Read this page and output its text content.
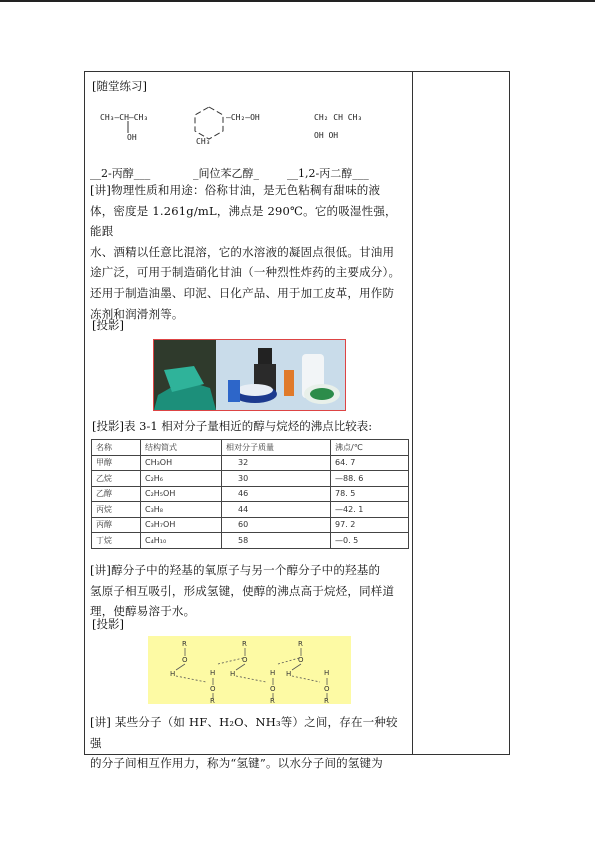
[随堂练习]
CH₃—CH—CH₃
OH
—CH₂—OH
CH₃
CH₂ CH CH₃
OH OH
__2-丙醇___	_间位苯乙醇_	__1,2-丙二醇___
[讲]物理性质和用途：俗称甘油，是无色粘稠有甜味的液
体，密度是 1.261g/mL，沸点是 290℃。它的吸湿性强，能跟
水、酒精以任意比混溶，它的水溶液的凝固点很低。甘油用
途广泛，可用于制造硝化甘油（一种烈性炸药的主要成分）。
还用于制造油墨、印泥、日化产品、用于加工皮革，用作防
冻剂和润滑剂等。
[投影]
[投影]表 3-1 相对分子量相近的醇与烷烃的沸点比较表:
名称	结构简式	相对分子质量	沸点/℃
甲醇	CH₃OH	32	64. 7
乙烷	C₂H₆	30	—88. 6
乙醇	C₂H₅OH	46	78. 5
丙烷	C₃H₈	44	—42. 1
丙醇	C₃H₇OH	60	97. 2
丁烷	C₄H₁₀	58	—0. 5
[讲]醇分子中的羟基的氧原子与另一个醇分子中的羟基的
氢原子相互吸引，形成氢键，使醇的沸点高于烷烃，同样道
理，使醇易溶于水。
[投影]
R
O
H	H
O
R
R
O
H	H
O
R
R
O
H	H
O
R
[讲] 某些分子（如 HF、H₂O、NH₃等）之间，存在一种较强
的分子间相互作用力，称为“氢键”。以水分子间的氢键为
